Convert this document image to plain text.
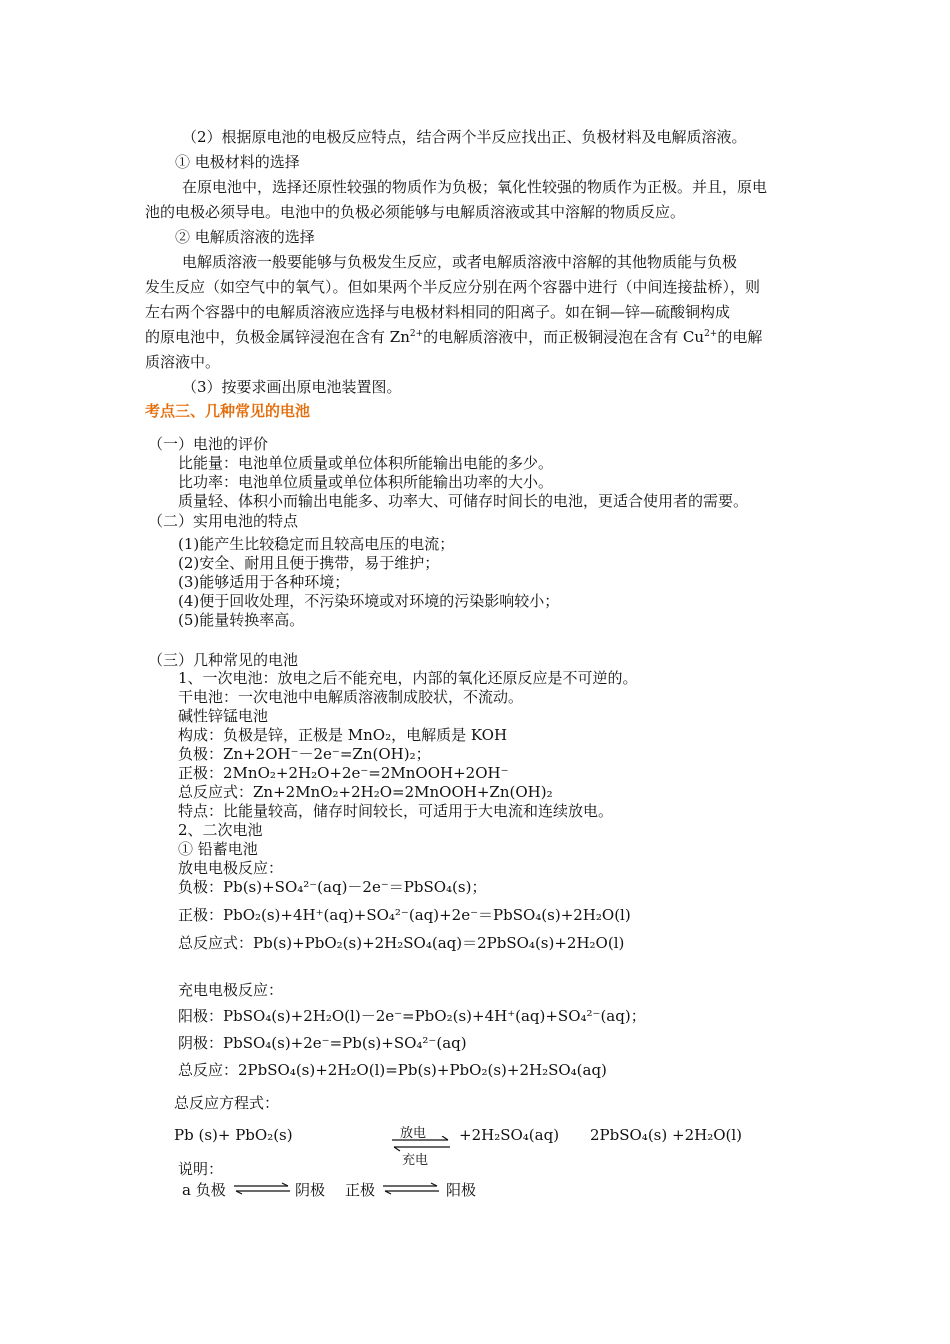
（2）根据原电池的电极反应特点，结合两个半反应找出正、负极材料及电解质溶液。
① 电极材料的选择
在原电池中，选择还原性较强的物质作为负极；氧化性较强的物质作为正极。并且，原电
池的电极必须导电。电池中的负极必须能够与电解质溶液或其中溶解的物质反应。
② 电解质溶液的选择
电解质溶液一般要能够与负极发生反应，或者电解质溶液中溶解的其他物质能与负极
发生反应（如空气中的氧气）。但如果两个半反应分别在两个容器中进行（中间连接盐桥），则
左右两个容器中的电解质溶液应选择与电极材料相同的阳离子。如在铜—锌—硫酸铜构成
的原电池中，负极金属锌浸泡在含有 $Zn^{2+}$的电解质溶液中，而正极铜浸泡在含有 $Cu^{2+}$的电解
质溶液中。
（3）按要求画出原电池装置图。
考点三、几种常见的电池
（一）电池的评价
比能量：电池单位质量或单位体积所能输出电能的多少。
比功率：电池单位质量或单位体积所能输出功率的大小。
质量轻、体积小而输出电能多、功率大、可储存时间长的电池，更适合使用者的需要。
（二）实用电池的特点
(1)能产生比较稳定而且较高电压的电流；
(2)安全、耐用且便于携带，易于维护；
(3)能够适用于各种环境；
(4)便于回收处理，不污染环境或对环境的污染影响较小；
(5)能量转换率高。
（三）几种常见的电池
1、一次电池：放电之后不能充电，内部的氧化还原反应是不可逆的。
干电池：一次电池中电解质溶液制成胶状，不流动。
碱性锌锰电池
构成：负极是锌，正极是 MnO₂，电解质是 KOH
负极：Zn+2OH⁻－2e⁻=Zn(OH)₂；
正极：2MnO₂+2H₂O+2e⁻=2MnOOH+2OH⁻
总反应式：Zn+2MnO₂+2H₂O=2MnOOH+Zn(OH)₂
特点：比能量较高，储存时间较长，可适用于大电流和连续放电。
2、二次电池
① 铅蓄电池
放电电极反应：
负极：Pb(s)+SO₄²⁻(aq)－2e⁻＝PbSO₄(s)；
正极：PbO₂(s)+4H⁺(aq)+SO₄²⁻(aq)+2e⁻＝PbSO₄(s)+2H₂O(l)
总反应式：Pb(s)+PbO₂(s)+2H₂SO₄(aq)＝2PbSO₄(s)+2H₂O(l)
充电电极反应：
阳极：PbSO₄(s)+2H₂O(l)－2e⁻=PbO₂(s)+4H⁺(aq)+SO₄²⁻(aq)；
阴极：PbSO₄(s)+2e⁻=Pb(s)+SO₄²⁻(aq)
总反应：2PbSO₄(s)+2H₂O(l)=Pb(s)+PbO₂(s)+2H₂SO₄(aq)
总反应方程式：
Pb (s)+ PbO₂(s)	放电
充电
+2H₂SO₄(aq) 2PbSO₄(s) +2H₂O(l)
说明：
a 负极	阴极 正极	阳极
